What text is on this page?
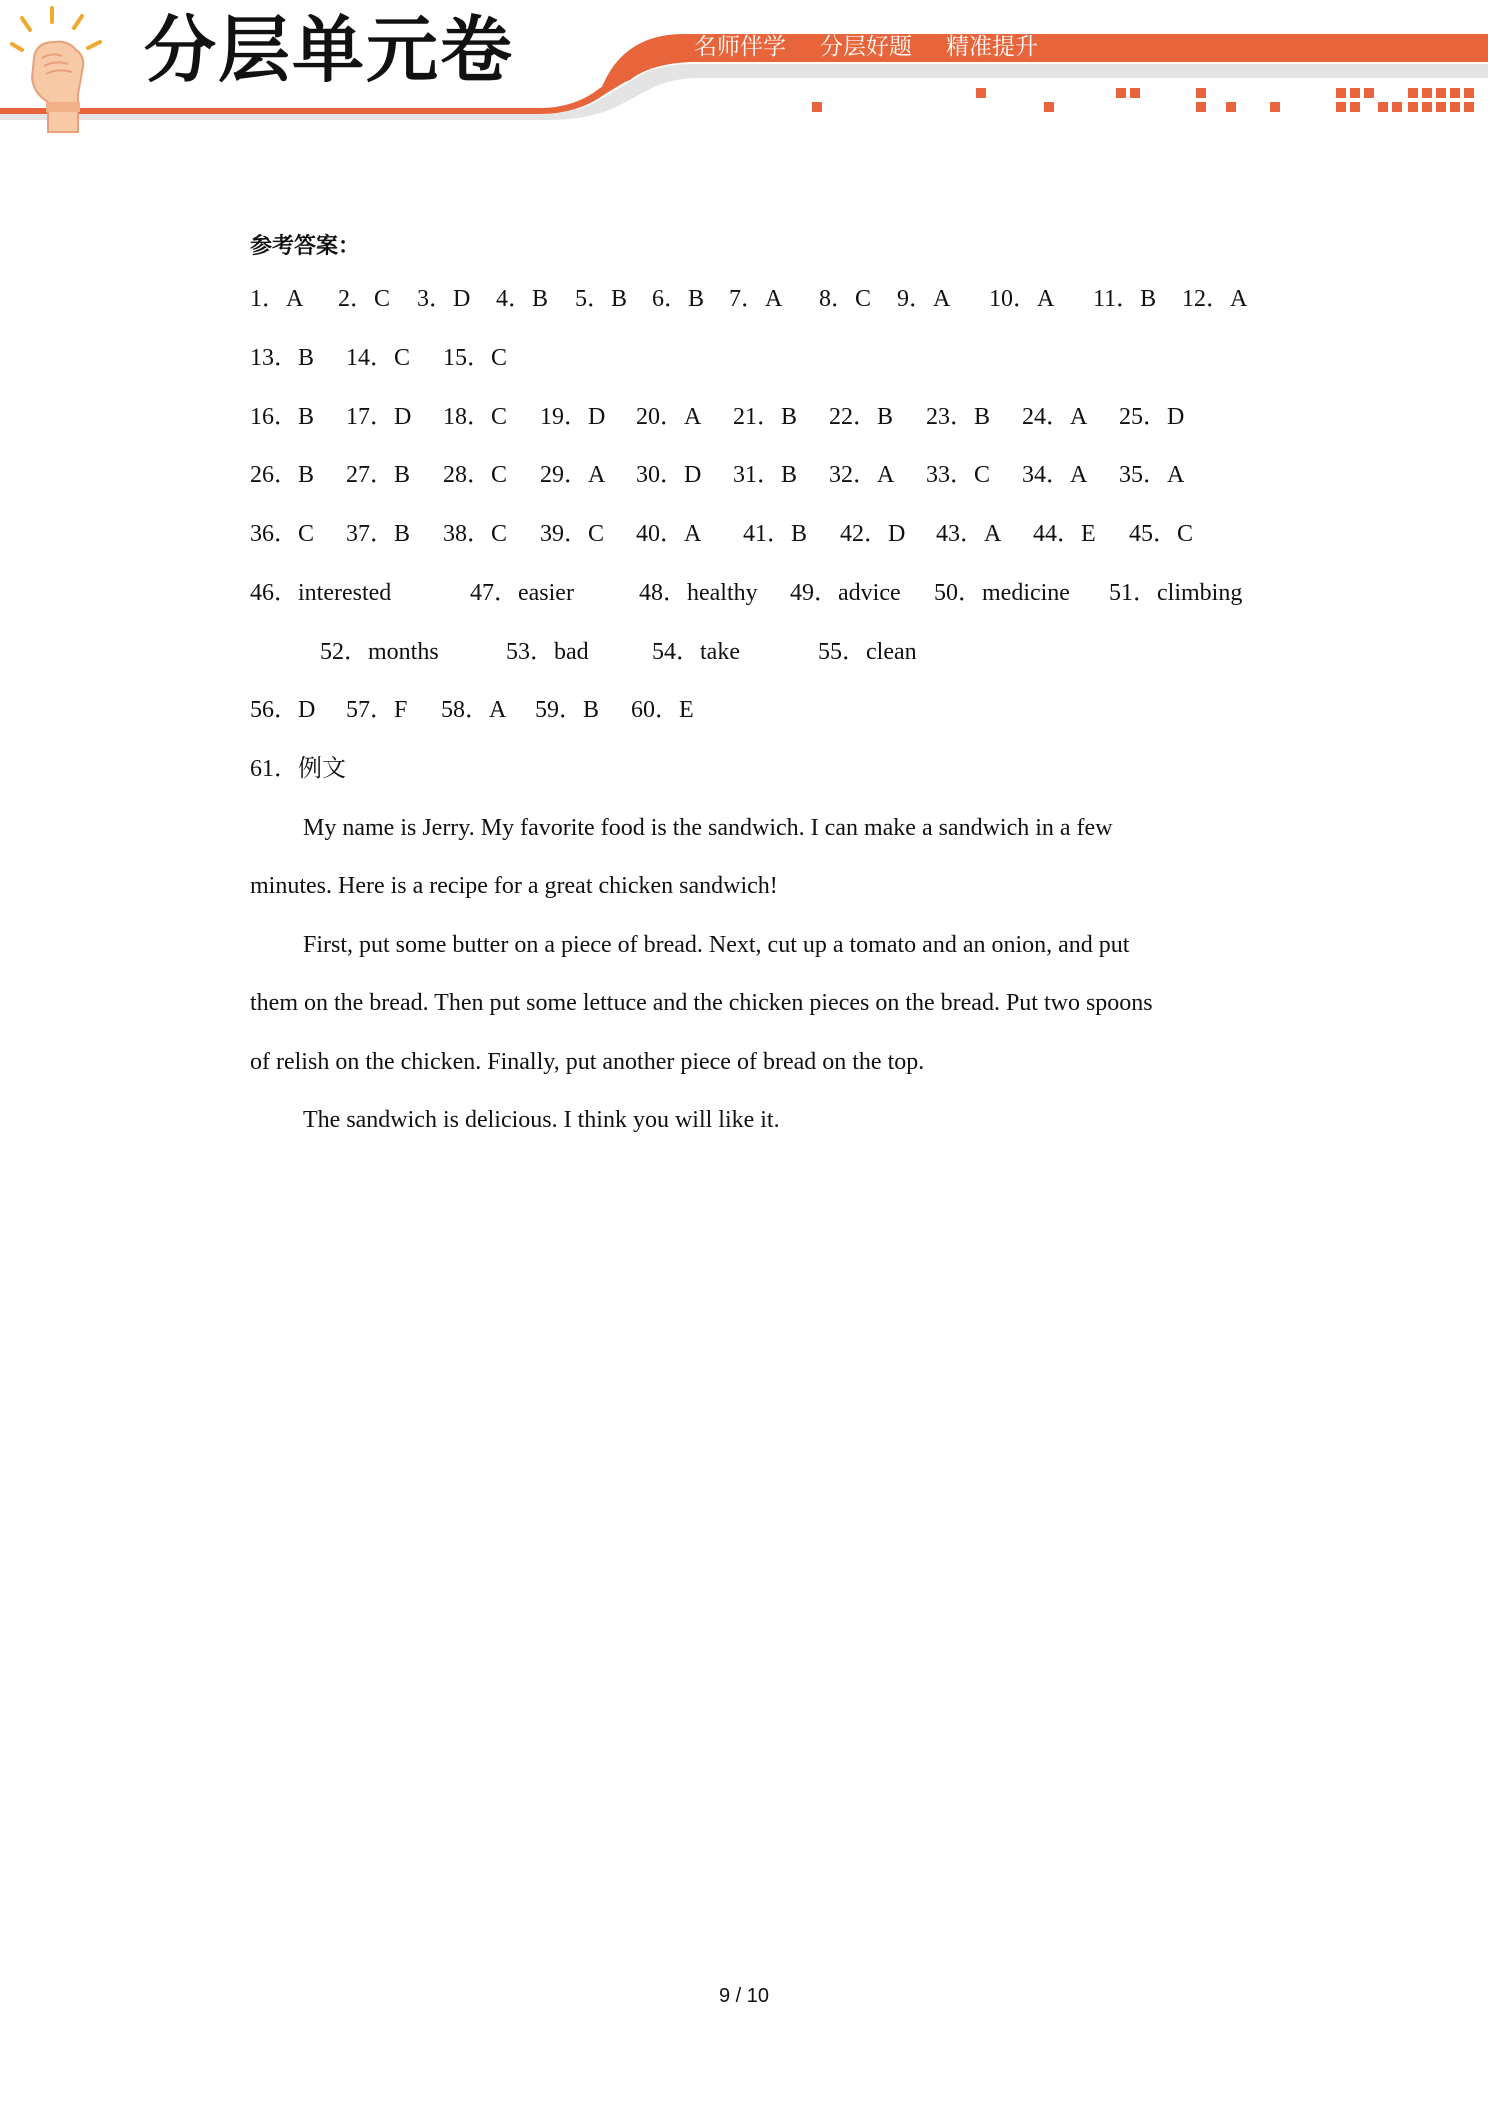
分层单元卷	名师伴学 分层好题 精准提升
参考答案：
1．A 2．C 3．D 4．B 5．B 6．B 7．A 8．C 9．A 10．A 11．B 12．A
13．B 14．C 15．C
16．B 17．D 18．C 19．D 20．A 21．B 22．B 23．B 24．A 25．D
26．B 27．B 28．C 29．A 30．D 31．B 32．A 33．C 34．A 35．A
36．C 37．B 38．C 39．C 40．A 41．B 42．D 43．A 44．E 45．C
46．interested	47．easier	48．healthy 49．advice 50．medicine 51．climbing
52．months	53．bad	54．take	55．clean
56．D 57．F 58．A 59．B 60．E
61．例文
My name is Jerry. My favorite food is the sandwich. I can make a sandwich in a few
minutes. Here is a recipe for a great chicken sandwich!
First, put some butter on a piece of bread. Next, cut up a tomato and an onion, and put
them on the bread. Then put some lettuce and the chicken pieces on the bread. Put two spoons
of relish on the chicken. Finally, put another piece of bread on the top.
The sandwich is delicious. I think you will like it.
9 / 10
